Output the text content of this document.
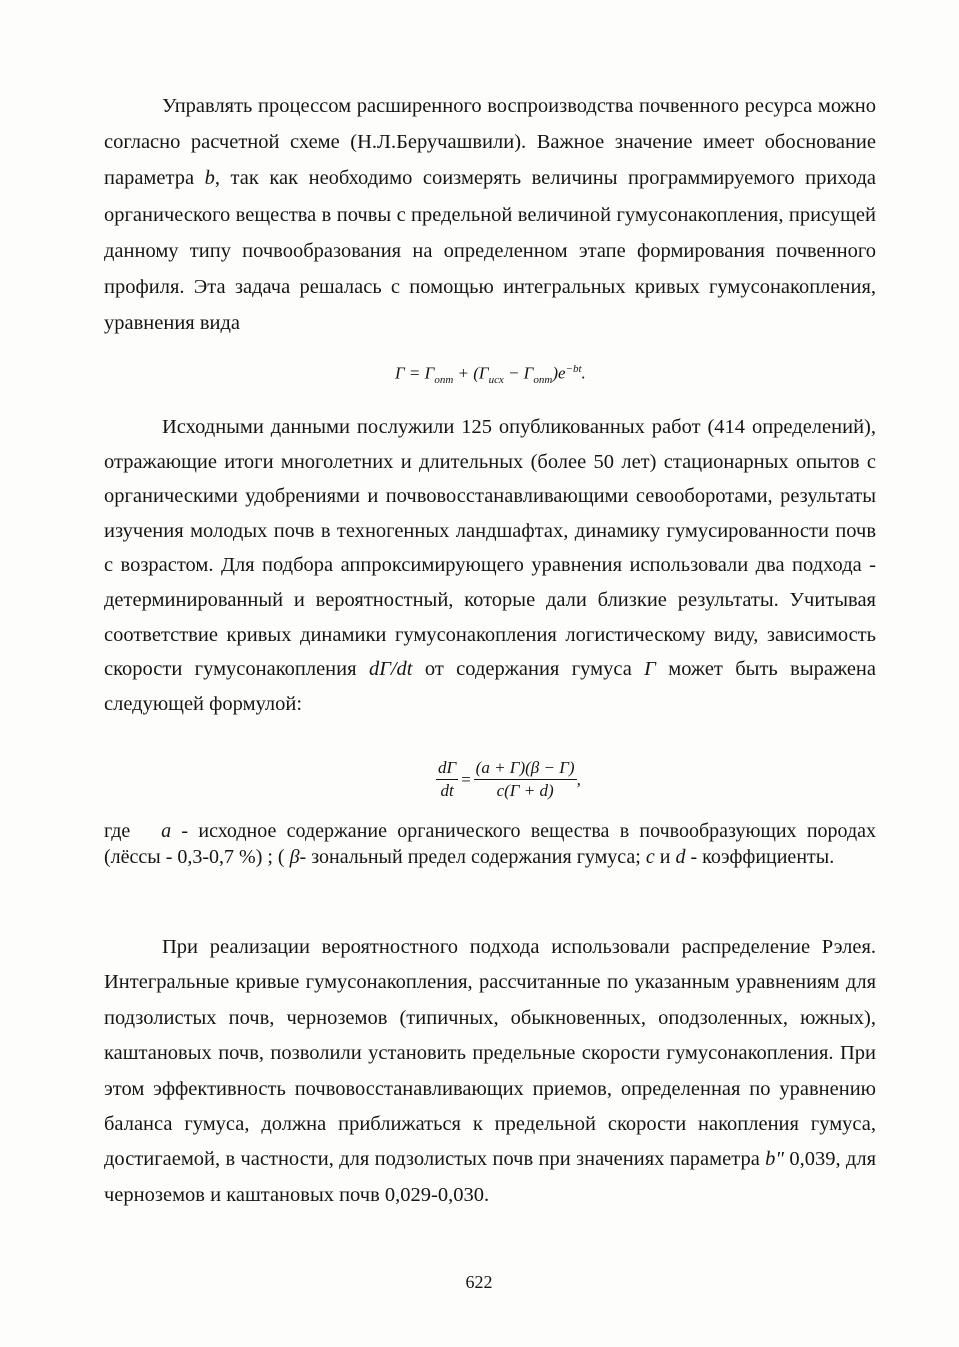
Управлять процессом расширенного воспроизводства почвенного ресурса можно согласно расчетной схеме (Н.Л.Беручашвили). Важное значение имеет обоснование параметра b, так как необходимо соизмерять величины программируемого прихода органического вещества в почвы с предельной величиной гумусонакопления, присущей данному типу почвообразования на определенном этапе формирования почвенного профиля. Эта задача решалась с помощью интегральных кривых гумусонакопления, уравнения вида

$Г = Г_{опт} + (Г_{исх} - Г_{опт})e^{-bt}$.

Исходными данными послужили 125 опубликованных работ (414 определений), отражающие итоги многолетних и длительных (более 50 лет) стационарных опытов с органическими удобрениями и почвовосстанавливающими севооборотами, результаты изучения молодых почв в техногенных ландшафтах, динамику гумусированности почв с возрастом. Для подбора аппроксимирующего уравнения использовали два подхода - детерминированный и вероятностный, которые дали близкие результаты. Учитывая соответствие кривых динамики гумусонакопления логистическому виду, зависимость скорости гумусонакопления dГ/dt от содержания гумуса Г может быть выражена следующей формулой:

$\frac{dГ}{dt} = \frac{(a + Г)(\beta - Г)}{c(Г + d)}$ ,

где a - исходное содержание органического вещества в почвообразующих породах (лёссы - 0,3-0,7 %) ; ( β- зональный предел содержания гумуса; c и d - коэффициенты.

При реализации вероятностного подхода использовали распределение Рэлея. Интегральные кривые гумусонакопления, рассчитанные по указанным уравнениям для подзолистых почв, черноземов (типичных, обыкновенных, оподзоленных, южных), каштановых почв, позволили установить предельные скорости гумусонакопления. При этом эффективность почвовосстанавливающих приемов, определенная по уравнению баланса гумуса, должна приближаться к предельной скорости накопления гумуса, достигаемой, в частности, для подзолистых почв при значениях параметра b" 0,039, для черноземов и каштановых почв 0,029-0,030.

622
